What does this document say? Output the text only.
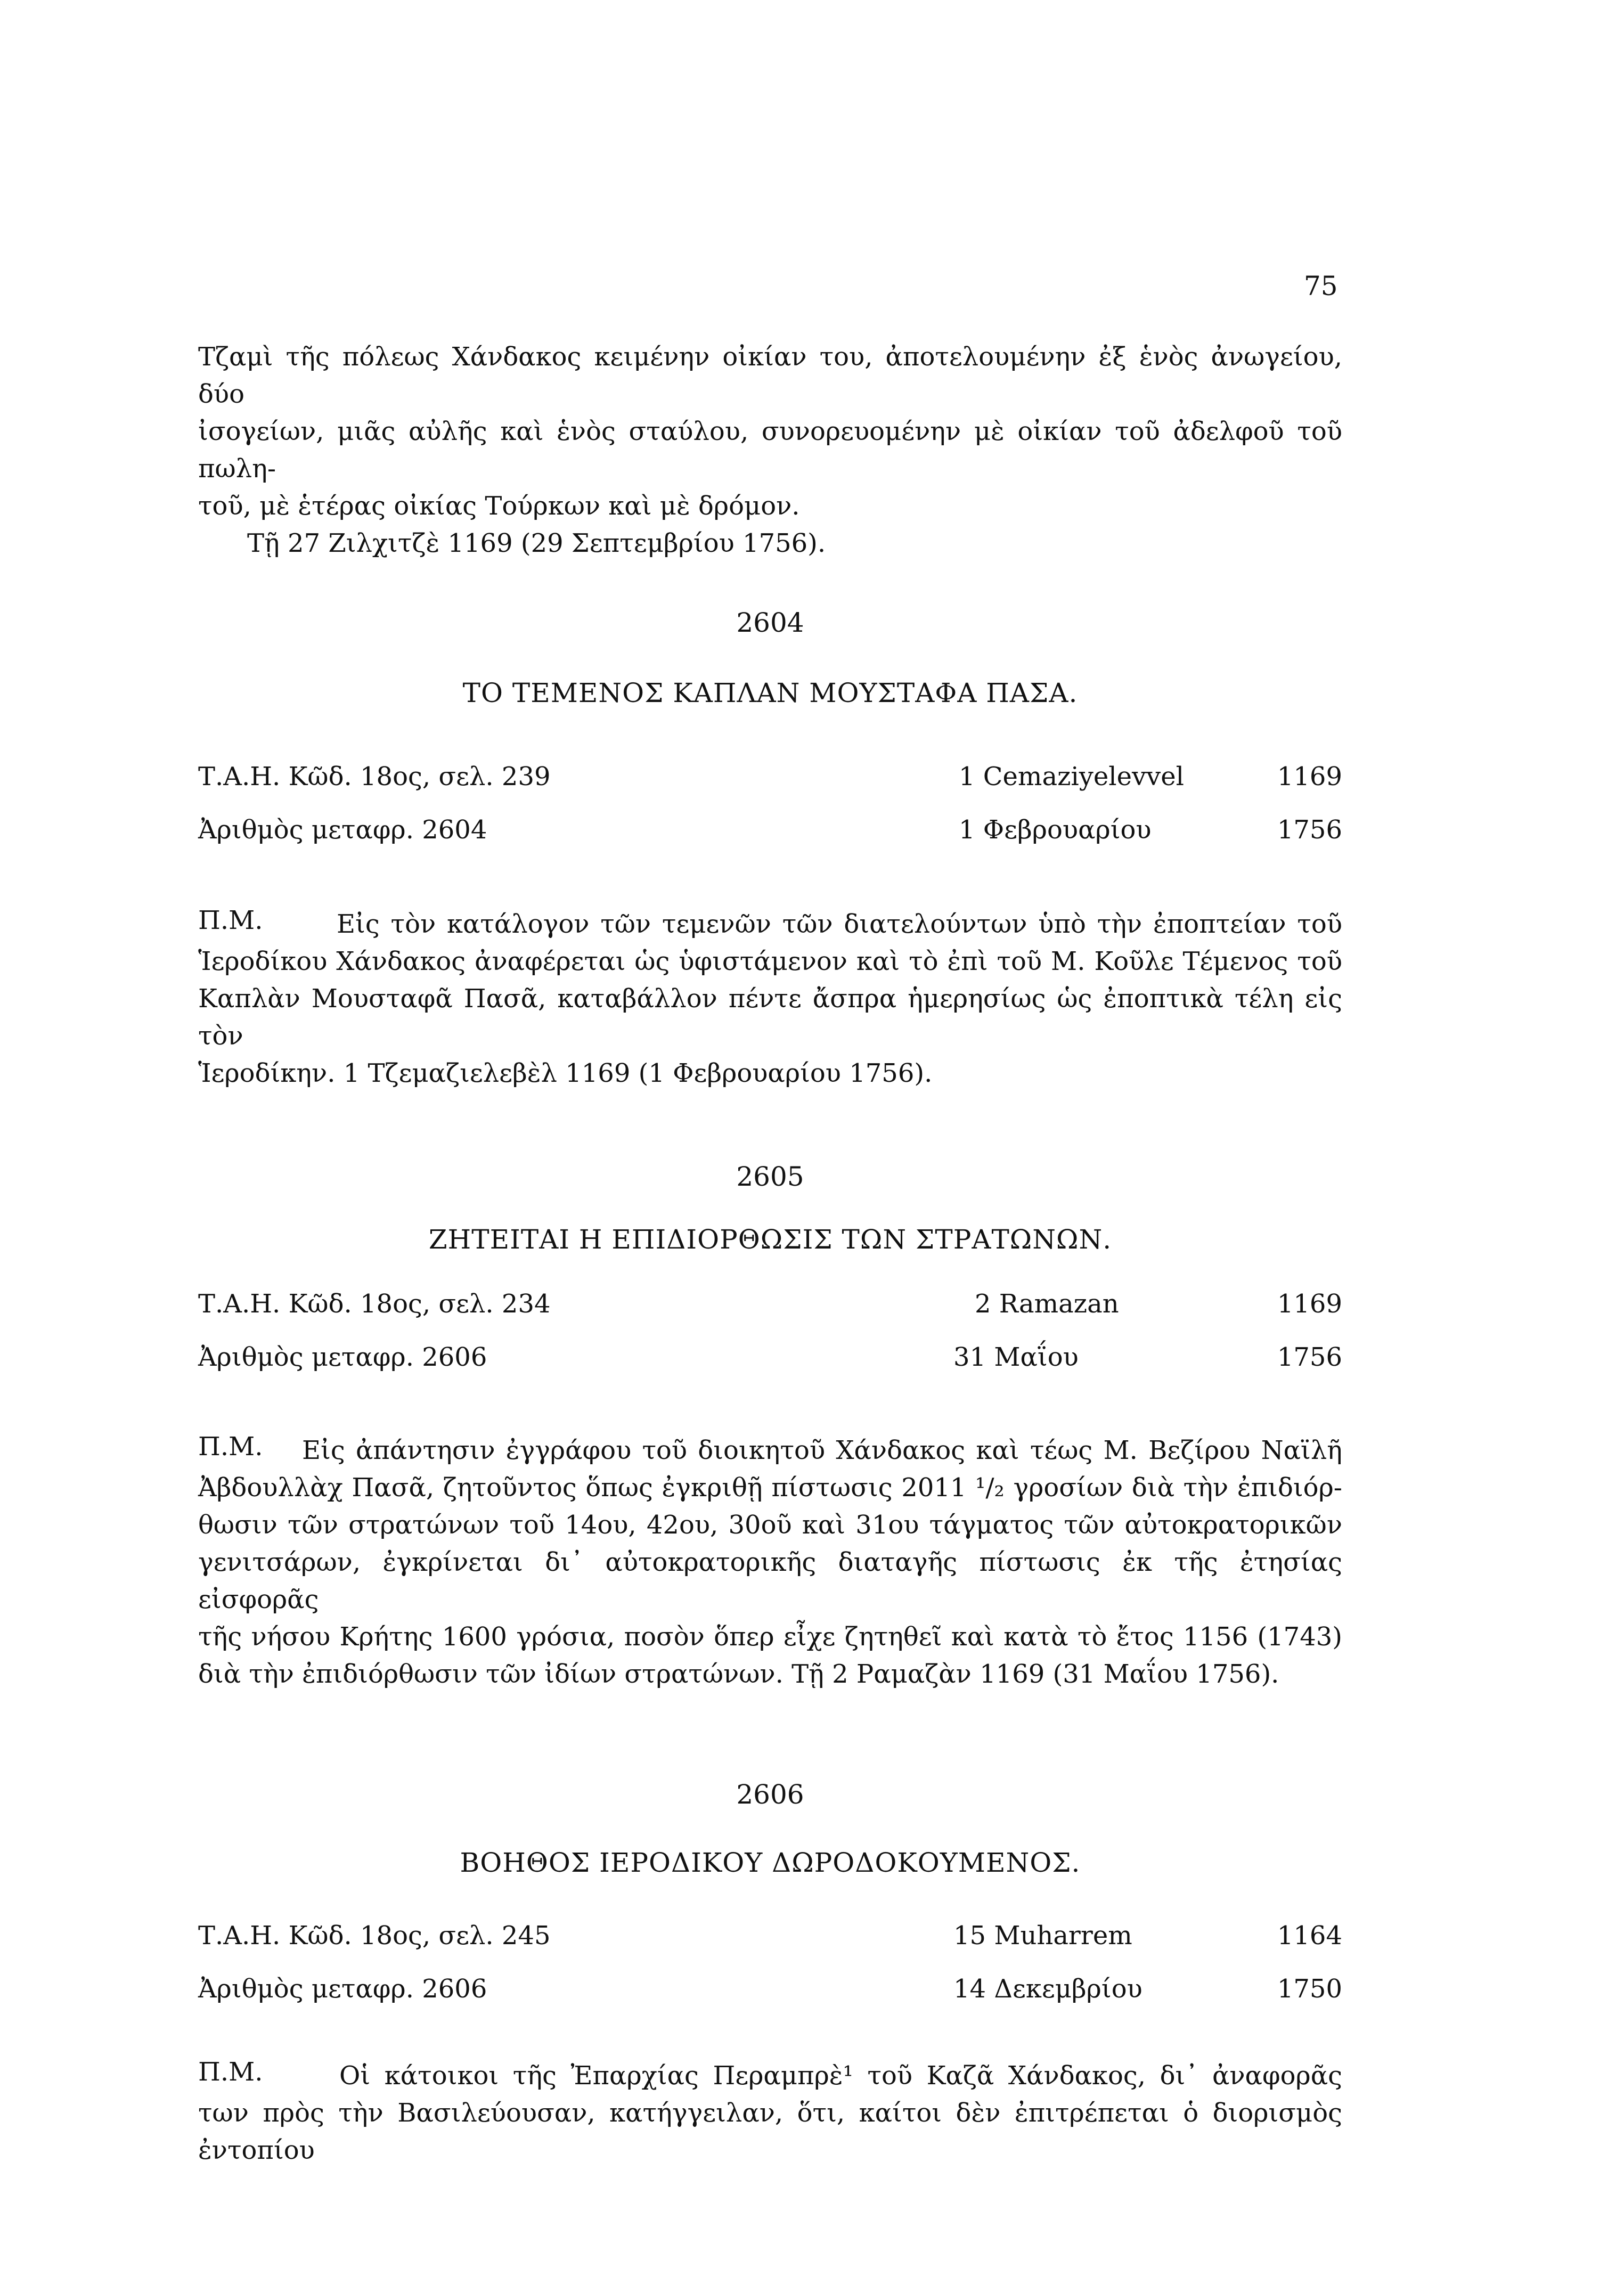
75
Τζαμὶ τῆς πόλεως Χάνδακος κειμένην οἰκίαν του, ἀποτελουμένην ἐξ ἑνὸς ἀνωγείου, δύο
ἰσογείων, μιᾶς αὐλῆς καὶ ἑνὸς σταύλου, συνορευομένην μὲ οἰκίαν τοῦ ἀδελφοῦ τοῦ πωλη-
τοῦ, μὲ ἑτέρας οἰκίας Τούρκων καὶ μὲ δρόμον.
Τῇ 27 Ζιλχιτζὲ 1169 (29 Σεπτεμβρίου 1756).
2604
ΤΟ ΤΕΜΕΝΟΣ ΚΑΠΛΑΝ ΜΟΥΣΤΑΦΑ ΠΑΣΑ.
Τ.Α.Η. Κῶδ. 18ος, σελ. 239	1 Cemaziyelevvel	1169
Ἀριθμὸς μεταφρ. 2604	1 Φεβρουαρίου	1756
Π.Μ.	Εἰς τὸν κατάλογον τῶν τεμενῶν τῶν διατελούντων ὑπὸ τὴν ἐποπτείαν τοῦ
Ἱεροδίκου Χάνδακος ἀναφέρεται ὡς ὑφιστάμενον καὶ τὸ ἐπὶ τοῦ Μ. Κοῦλε Τέμενος τοῦ
Καπλὰν Μουσταφᾶ Πασᾶ, καταβάλλον πέντε ἄσπρα ἡμερησίως ὡς ἐποπτικὰ τέλη εἰς τὸν
Ἱεροδίκην. 1 Τζεμαζιελεβὲλ 1169 (1 Φεβρουαρίου 1756).
2605
ΖΗΤΕΙΤΑΙ Η ΕΠΙΔΙΟΡΘΩΣΙΣ ΤΩΝ ΣΤΡΑΤΩΝΩΝ.
Τ.Α.Η. Κῶδ. 18ος, σελ. 234	2 Ramazan	1169
Ἀριθμὸς μεταφρ. 2606	31 Μαΐου	1756
Π.Μ.	Εἰς ἀπάντησιν ἐγγράφου τοῦ διοικητοῦ Χάνδακος καὶ τέως Μ. Βεζίρου Ναϊλῆ
Ἀβδουλλὰχ Πασᾶ, ζητοῦντος ὅπως ἐγκριθῇ πίστωσις 2011 ¹/₂ γροσίων διὰ τὴν ἐπιδιόρ-
θωσιν τῶν στρατώνων τοῦ 14ου, 42ου, 30οῦ καὶ 31ου τάγματος τῶν αὐτοκρατορικῶν
γενιτσάρων, ἐγκρίνεται δι᾽ αὐτοκρατορικῆς διαταγῆς πίστωσις ἐκ τῆς ἐτησίας εἰσφορᾶς
τῆς νήσου Κρήτης 1600 γρόσια, ποσὸν ὅπερ εἶχε ζητηθεῖ καὶ κατὰ τὸ ἔτος 1156 (1743)
διὰ τὴν ἐπιδιόρθωσιν τῶν ἰδίων στρατώνων. Τῇ 2 Ραμαζὰν 1169 (31 Μαΐου 1756).
2606
ΒΟΗΘΟΣ ΙΕΡΟΔΙΚΟΥ ΔΩΡΟΔΟΚΟΥΜΕΝΟΣ.
Τ.Α.Η. Κῶδ. 18ος, σελ. 245	15 Muharrem	1164
Ἀριθμὸς μεταφρ. 2606	14 Δεκεμβρίου	1750
Π.Μ.	Οἱ κάτοικοι τῆς Ἐπαρχίας Περαμπρὲ¹ τοῦ Καζᾶ Χάνδακος, δι᾽ ἀναφορᾶς
των πρὸς τὴν Βασιλεύουσαν, κατήγγειλαν, ὅτι, καίτοι δὲν ἐπιτρέπεται ὁ διορισμὸς ἐντοπίου
